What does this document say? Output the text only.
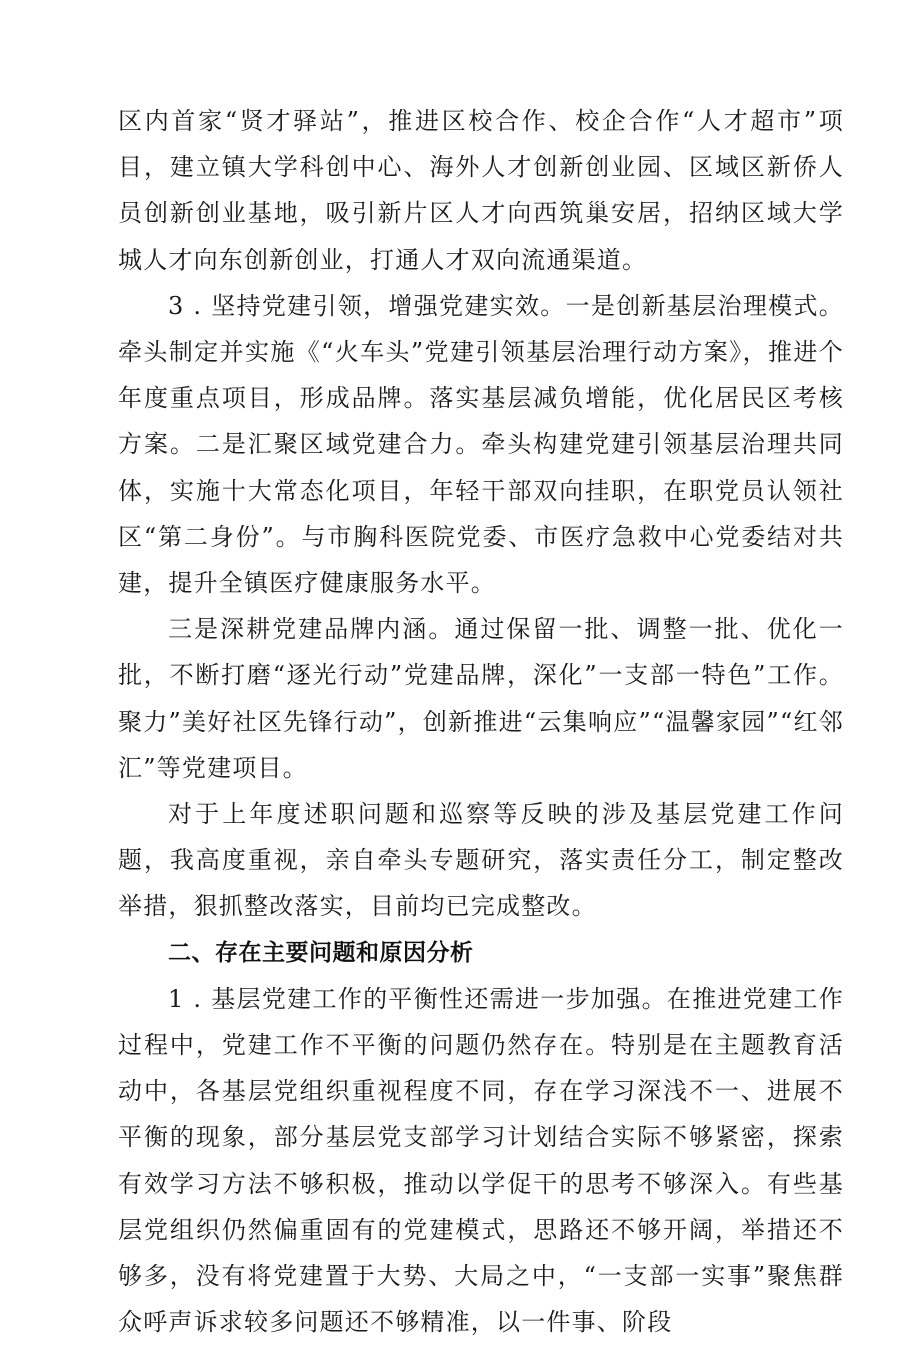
区内首家“贤才驿站”，推进区校合作、校企合作“人才超市”项目，建立镇大学科创中心、海外人才创新创业园、区域区新侨人员创新创业基地，吸引新片区人才向西筑巢安居，招纳区域大学城人才向东创新创业，打通人才双向流通渠道。

3 . 坚持党建引领，增强党建实效。一是创新基层治理模式。牵头制定并实施《“火车头”党建引领基层治理行动方案》，推进个年度重点项目，形成品牌。落实基层减负增能，优化居民区考核方案。二是汇聚区域党建合力。牵头构建党建引领基层治理共同体，实施十大常态化项目，年轻干部双向挂职，在职党员认领社区“第二身份”。与市胸科医院党委、市医疗急救中心党委结对共建，提升全镇医疗健康服务水平。

三是深耕党建品牌内涵。通过保留一批、调整一批、优化一批，不断打磨“逐光行动”党建品牌，深化”一支部一特色”工作。聚力”美好社区先锋行动”，创新推进“云集响应”“温馨家园”“红邻汇”等党建项目。

对于上年度述职问题和巡察等反映的涉及基层党建工作问题，我高度重视，亲自牵头专题研究，落实责任分工，制定整改举措，狠抓整改落实，目前均已完成整改。

二、存在主要问题和原因分析

1 . 基层党建工作的平衡性还需进一步加强。在推进党建工作过程中，党建工作不平衡的问题仍然存在。特别是在主题教育活动中，各基层党组织重视程度不同，存在学习深浅不一、进展不平衡的现象，部分基层党支部学习计划结合实际不够紧密，探索有效学习方法不够积极，推动以学促干的思考不够深入。有些基层党组织仍然偏重固有的党建模式，思路还不够开阔，举措还不够多，没有将党建置于大势、大局之中，“一支部一实事”聚焦群众呼声诉求较多问题还不够精准，以一件事、阶段
